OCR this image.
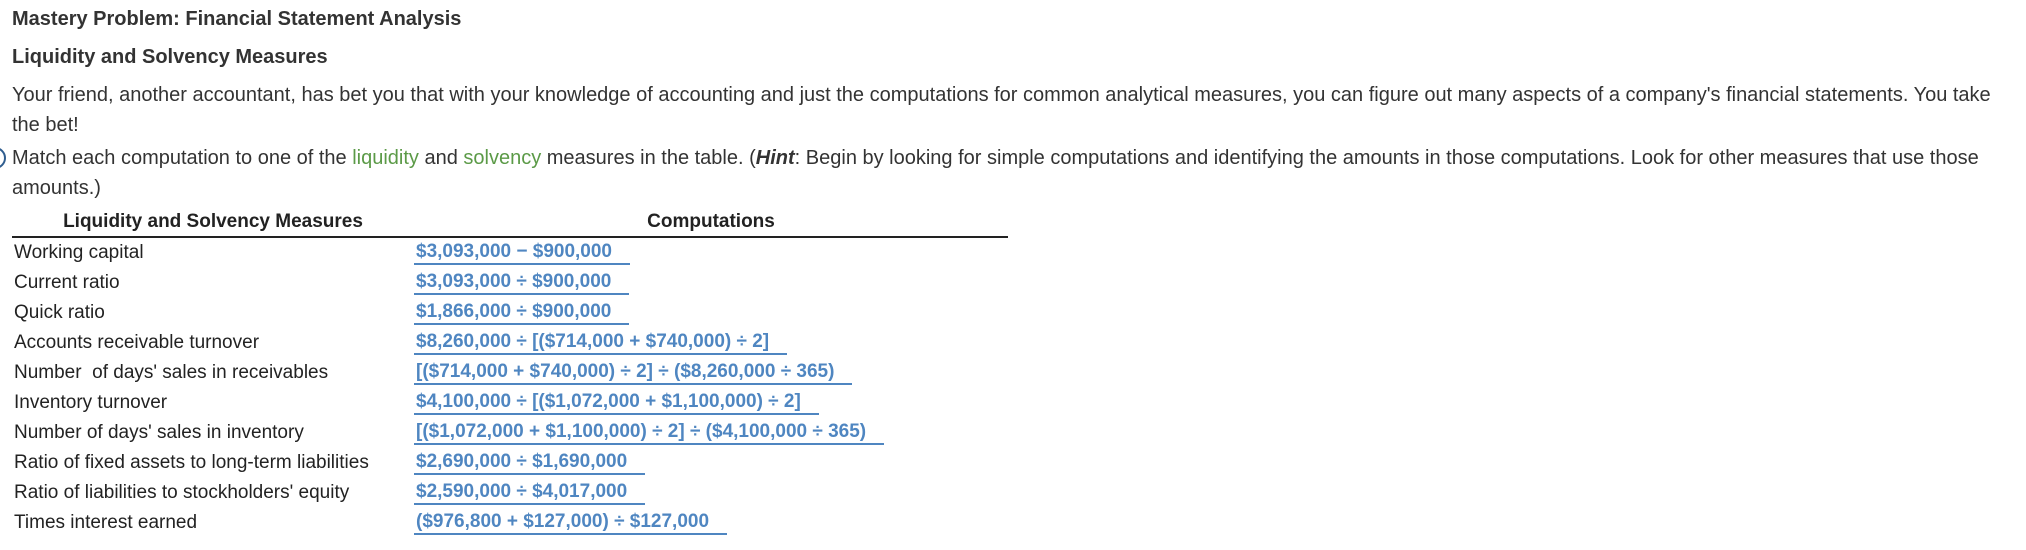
Mastery Problem: Financial Statement Analysis
Liquidity and Solvency Measures

Your friend, another accountant, has bet you that with your knowledge of accounting and just the computations for common analytical measures, you can figure out many aspects of a company's financial statements. You take the bet!

Match each computation to one of the liquidity and solvency measures in the table. (Hint: Begin by looking for simple computations and identifying the amounts in those computations. Look for other measures that use those amounts.)

Liquidity and Solvency Measures	Computations
Working capital	$3,093,000 − $900,000
Current ratio	$3,093,000 ÷ $900,000
Quick ratio	$1,866,000 ÷ $900,000
Accounts receivable turnover	$8,260,000 ÷ [($714,000 + $740,000) ÷ 2]
Number  of days' sales in receivables	[($714,000 + $740,000) ÷ 2] ÷ ($8,260,000 ÷ 365)
Inventory turnover	$4,100,000 ÷ [($1,072,000 + $1,100,000) ÷ 2]
Number of days' sales in inventory	[($1,072,000 + $1,100,000) ÷ 2] ÷ ($4,100,000 ÷ 365)
Ratio of fixed assets to long-term liabilities	$2,690,000 ÷ $1,690,000
Ratio of liabilities to stockholders' equity	$2,590,000 ÷ $4,017,000
Times interest earned	($976,800 + $127,000) ÷ $127,000
